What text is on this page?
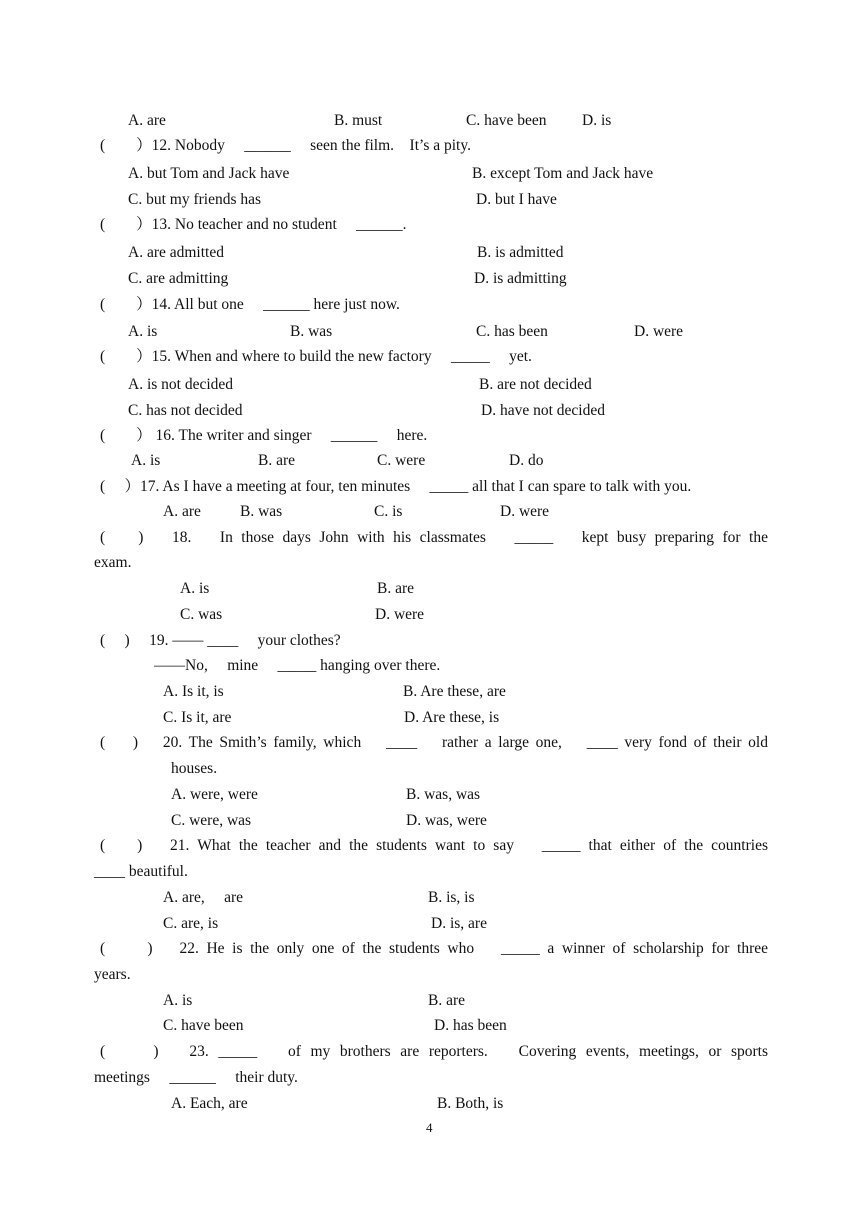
A. are	B. must	C. have been D. is
(　　）12. Nobody 　______ 　seen the film.　It’s a pity.
A. but Tom and Jack have	B. except Tom and Jack have
C. but my friends has	D. but I have
(　　）13. No teacher and no student 　______.
A. are admitted	B. is admitted
C. are admitting	D. is admitting
(　　）14. All but one 　______ here just now.
A. is	B. was	C. has been	D. were
(　　）15. When and where to build the new factory 　_____　 yet.
A. is not decided	B. are not decided
C. has not decided	D. have not decided
(　　） 16. The writer and singer 　______ 　here.
A. is	B. are	C. were	D. do
(　 ）17. As I have a meeting at four, ten minutes 　_____ all that I can spare to talk with you.
A. are	B. was	C. is	D. were
(　 ) 　18. 　In those days John with his classmates 　_____ 　kept busy preparing for the
exam.
A. is	B. are
C. was	D. were
(　 ) 　19. —— ____ 　your clothes?
——No, 　mine 　_____ hanging over there.
A. Is it, is	B. Are these, are
C. Is it, are	D. Are these, is
(　 ) 　20. The Smith’s family, which 　____ 　rather a large one, 　____ very fond of their old
houses.
A. were, were	B. was, was
C. were, was	D. was, were
(　 ) 　21. What the teacher and the students want to say 　_____ that either of the countries
____ beautiful.
A. are, 　are	B. is, is
C. are, is	D. is, are
(　　) 　22. He is the only one of the students who 　_____ a winner of scholarship for three
years.
A. is	B. are
C. have been	D. has been
(　　) 　23. _____ 　of my brothers are reporters. 　Covering events, meetings, or sports
meetings 　______ 　their duty.
A. Each, are	B. Both, is
4
